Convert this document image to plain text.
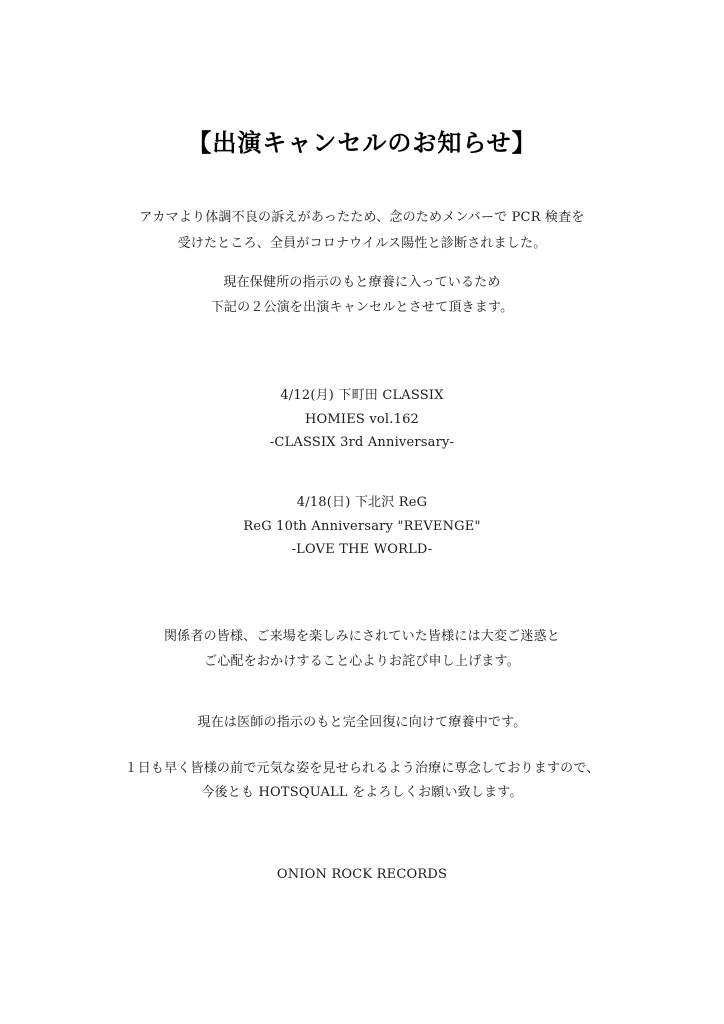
【出演キャンセルのお知らせ】
アカマより体調不良の訴えがあったため、念のためメンバーで PCR 検査を
受けたところ、全員がコロナウイルス陽性と診断されました。
現在保健所の指示のもと療養に入っているため
下記の２公演を出演キャンセルとさせて頂きます。
4/12(月) 下町田 CLASSIX
HOMIES vol.162
-CLASSIX 3rd Anniversary-
4/18(日) 下北沢 ReG
ReG 10th Anniversary "REVENGE"
-LOVE THE WORLD-
関係者の皆様、ご来場を楽しみにされていた皆様には大変ご迷惑と
ご心配をおかけすること心よりお詫び申し上げます。
現在は医師の指示のもと完全回復に向けて療養中です。
１日も早く皆様の前で元気な姿を見せられるよう治療に専念しておりますので、
今後とも HOTSQUALL をよろしくお願い致します。
ONION ROCK RECORDS
